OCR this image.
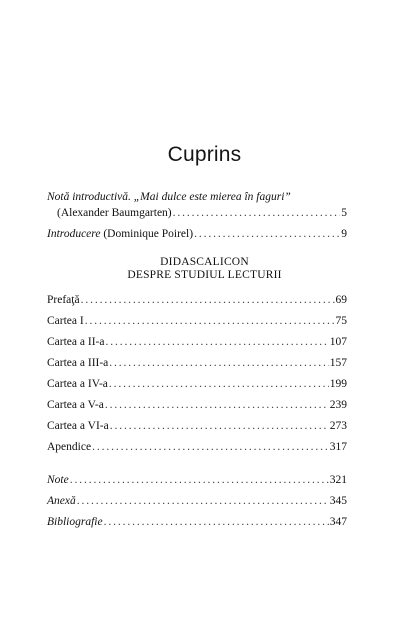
Cuprins
Notă introductivă. „Mai dulce este mierea în faguri”
(Alexander Baumgarten) . . .	5
Introducere (Dominique Poirel) . . .	9
DIDASCALICON
DESPRE STUDIUL LECTURII
Prefaţă . . .	69
Cartea I . . .	75
Cartea a II-a . . .	107
Cartea a III-a . . .	157
Cartea a IV-a . . .	199
Cartea a V-a . . .	239
Cartea a VI-a . . .	273
Apendice . . .	317
Note . . .	321
Anexă . . .	345
Bibliografie . . .	347
